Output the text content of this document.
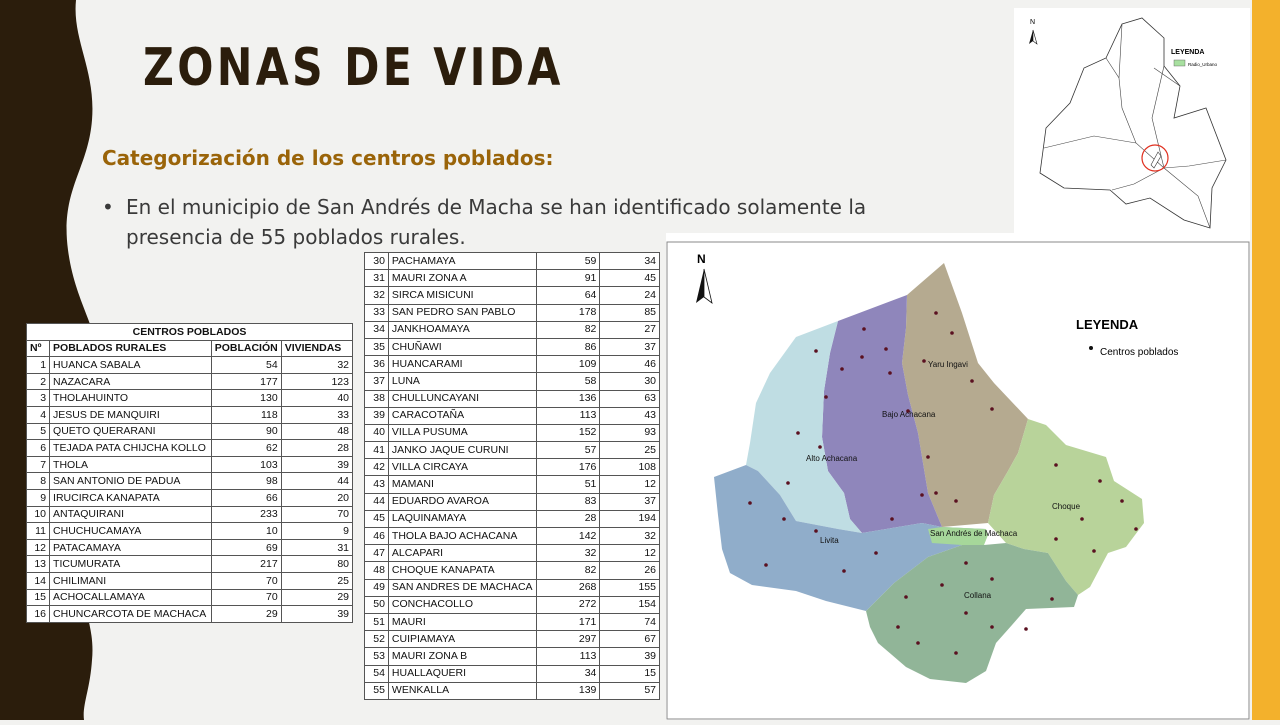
ZONAS DE VIDA
Categorización de los centros poblados:
• En el municipio de San Andrés de Macha se han identificado solamente la presencia de 55 poblados rurales.
CENTROS POBLADOS			
Nº	POBLADOS RURALES	POBLACIÓN	VIVIENDAS
1	HUANCA SABALA	54	32
2	NAZACARA	177	123
3	THOLAHUINTO	130	40
4	JESUS DE MANQUIRI	118	33
5	QUETO QUERARANI	90	48
6	TEJADA PATA CHIJCHA KOLLO	62	28
7	THOLA	103	39
8	SAN ANTONIO DE PADUA	98	44
9	IRUCIRCA KANAPATA	66	20
10	ANTAQUIRANI	233	70
11	CHUCHUCAMAYA	10	9
12	PATACAMAYA	69	31
13	TICUMURATA	217	80
14	CHILIMANI	70	25
15	ACHOCALLAMAYA	70	29
16	CHUNCARCOTA DE MACHACA	29	39
30	PACHAMAYA	59	34
31	MAURI ZONA A	91	45
32	SIRCA MISICUNI	64	24
33	SAN PEDRO SAN PABLO	178	85
34	JANKHOAMAYA	82	27
35	CHUÑAWI	86	37
36	HUANCARAMI	109	46
37	LUNA	58	30
38	CHULLUNCAYANI	136	63
39	CARACOTAÑA	113	43
40	VILLA PUSUMA	152	93
41	JANKO JAQUE CURUNI	57	25
42	VILLA CIRCAYA	176	108
43	MAMANI	51	12
44	EDUARDO AVAROA	83	37
45	LAQUINAMAYA	28	194
46	THOLA BAJO ACHACANA	142	32
47	ALCAPARI	32	12
48	CHOQUE KANAPATA	82	26
49	SAN ANDRES DE MACHACA	268	155
50	CONCHACOLLO	272	154
51	MAURI	171	74
52	CUIPIAMAYA	297	67
53	MAURI ZONA B	113	39
54	HUALLAQUERI	34	15
55	WENKALLA	139	57
N
LEYENDA
Radio_Urbano
N
Yaru Ingavi
Bajo Achacana
Alto Achacana
Choque
Livita
San Andrés de Machaca
Collana
LEYENDA
Centros poblados
